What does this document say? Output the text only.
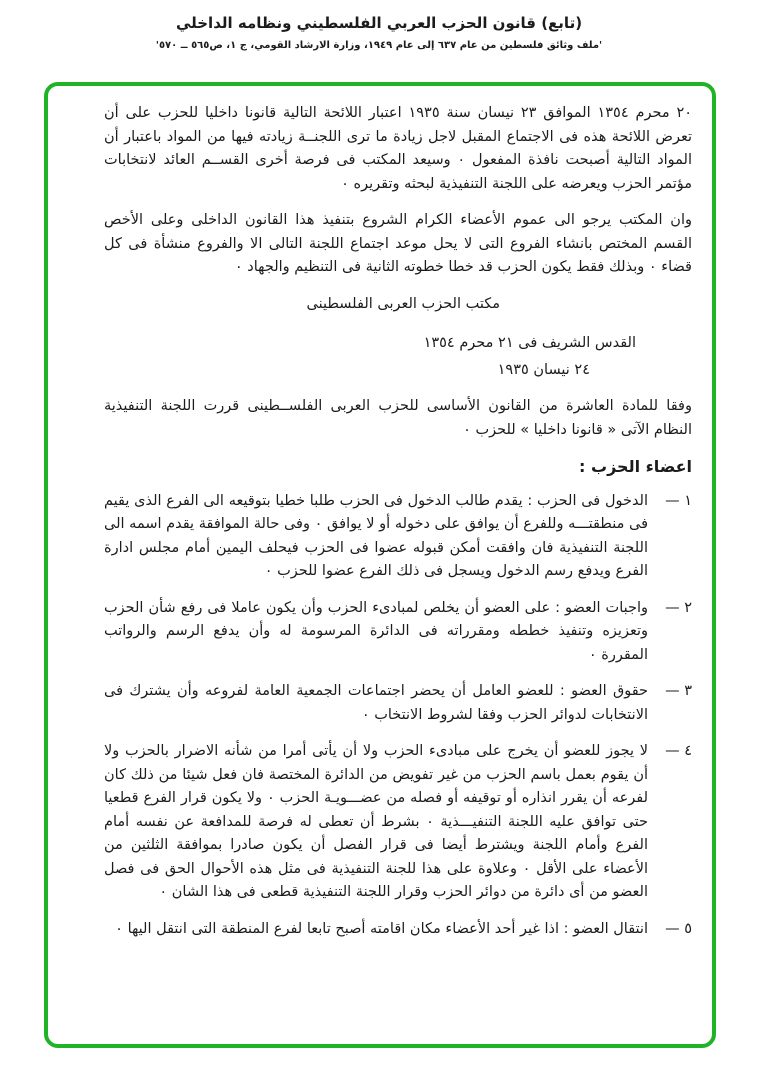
(تابع) قانون الحزب العربي الفلسطيني ونظامه الداخلي
'ملف وثائق فلسطين من عام ٦٣٧ إلى عام ١٩٤٩، وزارة الارشاد القومي، ج ١، ص٥٦٥ ــ ٥٧٠'

٢٠ محرم ١٣٥٤ الموافق ٢٣ نيسان سنة ١٩٣٥ اعتبار اللائحة التالية قانونا داخليا للحزب على أن تعرض اللائحة هذه فى الاجتماع المقبل لاجل زيادة ما ترى اللجنــة زيادته فيها من المواد باعتبار أن المواد التالية أصبحت نافذة المفعول ۰ وسيعد المكتب فى فرصة أخرى القســم العائد لانتخابات مؤتمر الحزب ويعرضه على اللجنة التنفيذية لبحثه وتقريره ۰

وان المكتب يرجو الى عموم الأعضاء الكرام الشروع بتنفيذ هذا القانون الداخلى وعلى الأخص القسم المختص بانشاء الفروع التى لا يحل موعد اجتماع اللجنة التالى الا والفروع منشأة فى كل قضاء ۰ وبذلك فقط يكون الحزب قد خطا خطوته الثانية فى التنظيم والجهاد ۰

مكتب الحزب العربى الفلسطينى
القدس الشريف فى ٢١ محرم ١٣٥٤
٢٤ نيسان ١٩٣٥

وفقا للمادة العاشرة من القانون الأساسى للحزب العربى الفلســطينى قررت اللجنة التنفيذية النظام الآتى « قانونا داخليا » للحزب ۰

اعضاء الحزب :
١ —
الدخول فى الحزب : يقدم طالب الدخول فى الحزب طلبا خطيا بتوقيعه الى الفرع الذى يقيم فى منطقتـــه وللفرع أن يوافق على دخوله أو لا يوافق ۰ وفى حالة الموافقة يقدم اسمه الى اللجنة التنفيذية فان وافقت أمكن قبوله عضوا فى الحزب فيحلف اليمين أمام مجلس ادارة الفرع ويدفع رسم الدخول ويسجل فى ذلك الفرع عضوا للحزب ۰
٢ —
واجبات العضو : على العضو أن يخلص لمبادىء الحزب وأن يكون عاملا فى رفع شأن الحزب وتعزيزه وتنفيذ خططه ومقرراته فى الدائرة المرسومة له وأن يدفع الرسم والرواتب المقررة ۰
٣ —
حقوق العضو : للعضو العامل أن يحضر اجتماعات الجمعية العامة لفروعه وأن يشترك فى الانتخابات لدوائر الحزب وفقا لشروط الانتخاب ۰
٤ —
لا يجوز للعضو أن يخرج على مبادىء الحزب ولا أن يأتى أمرا من شأنه الاضرار بالحزب ولا أن يقوم بعمل باسم الحزب من غير تفويض من الدائرة المختصة فان فعل شيئا من ذلك كان لفرعه أن يقرر انذاره أو توقيفه أو فصله من عضـــويـة الحزب ۰ ولا يكون قرار الفرع قطعيا حتى توافق عليه اللجنة التنفيـــذية ۰ بشرط أن تعطى له فرصة للمدافعة عن نفسه أمام الفرع وأمام اللجنة ويشترط أيضا فى قرار الفصل أن يكون صادرا بموافقة الثلثين من الأعضاء على الأقل ۰ وعلاوة على هذا للجنة التنفيذية فى مثل هذه الأحوال الحق فى فصل العضو من أى دائرة من دوائر الحزب وقرار اللجنة التنفيذية قطعى فى هذا الشان ۰
٥ —
انتقال العضو : اذا غير أحد الأعضاء مكان اقامته أصبح تابعا لفرع المنطقة التى انتقل اليها ۰
